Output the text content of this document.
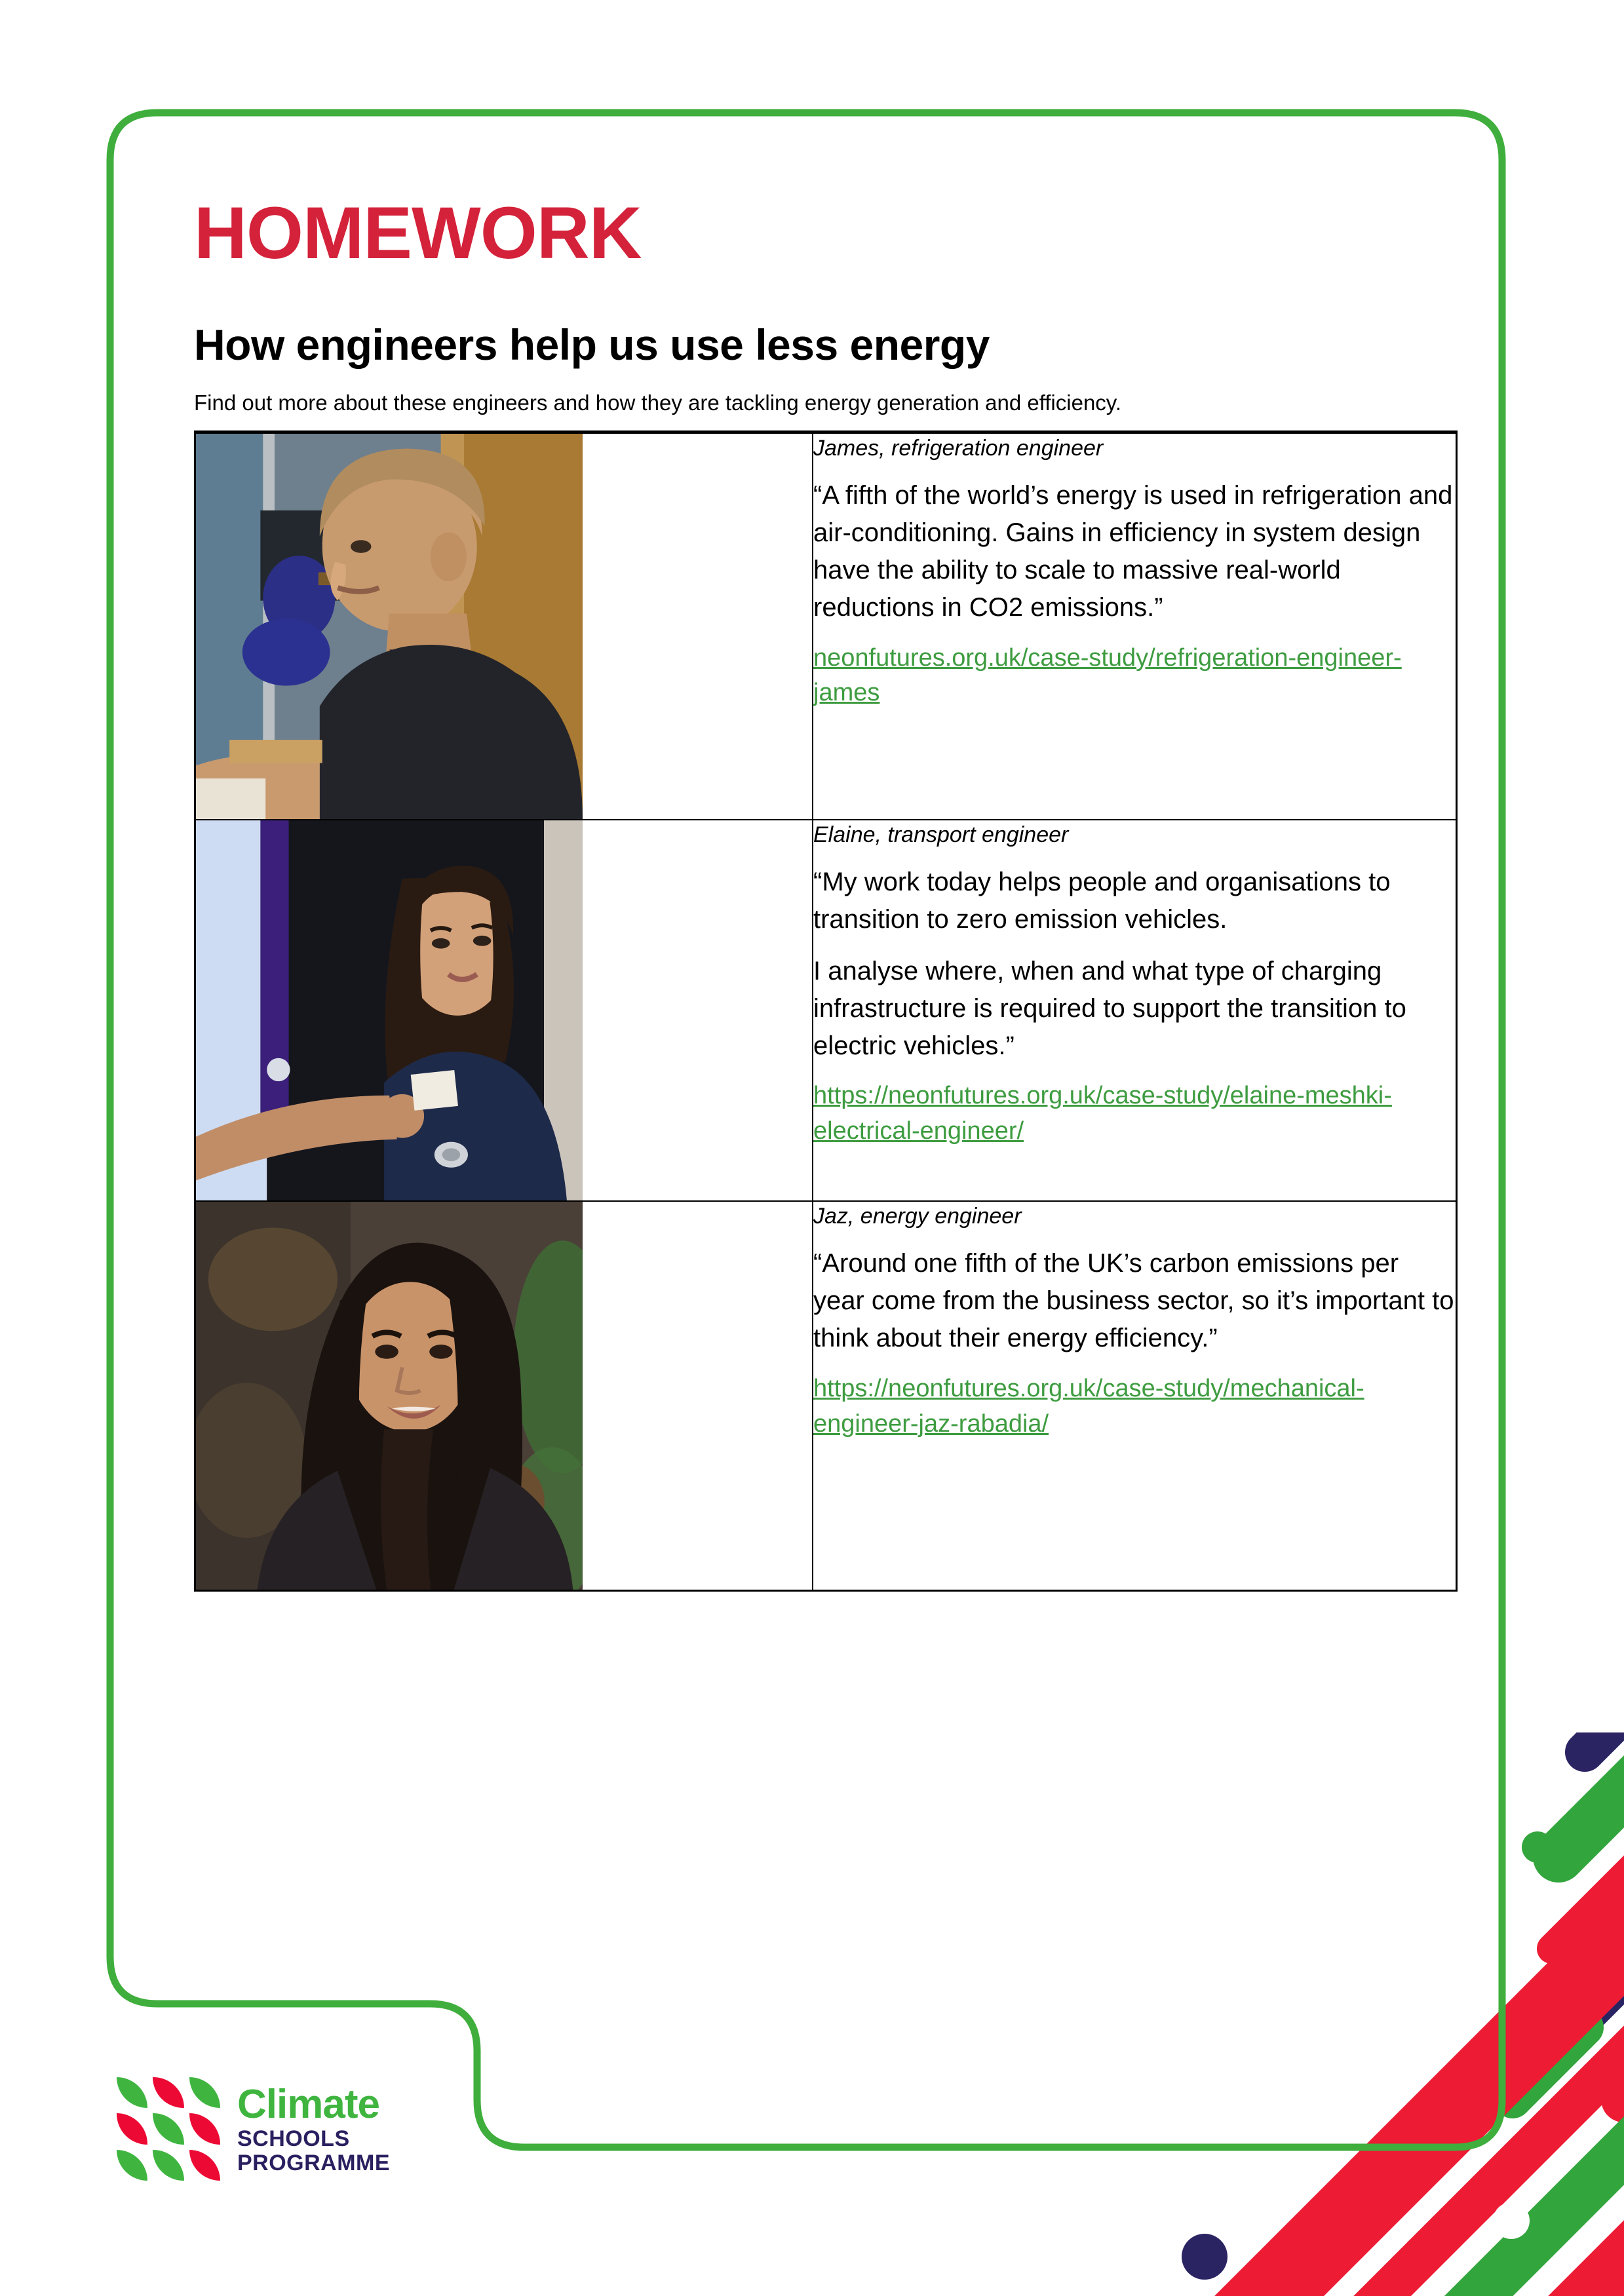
HOMEWORK
How engineers help us use less energy

Find out more about these engineers and how they are tackling energy generation and efficiency.

James, refrigeration engineer

“A fifth of the world’s energy is used in refrigeration and air-conditioning. Gains in efficiency in system design have the ability to scale to massive real-world reductions in CO2 emissions.”

neonfutures.org.uk/case-study/refrigeration-engineer-james

Elaine, transport engineer

“My work today helps people and organisations to transition to zero emission vehicles.

I analyse where, when and what type of charging infrastructure is required to support the transition to electric vehicles.”

https://neonfutures.org.uk/case-study/elaine-meshki-electrical-engineer/

Jaz, energy engineer

“Around one fifth of the UK’s carbon emissions per year come from the business sector, so it’s important to think about their energy efficiency.”

https://neonfutures.org.uk/case-study/mechanical-engineer-jaz-rabadia/
Climate
SCHOOLS
PROGRAMME
